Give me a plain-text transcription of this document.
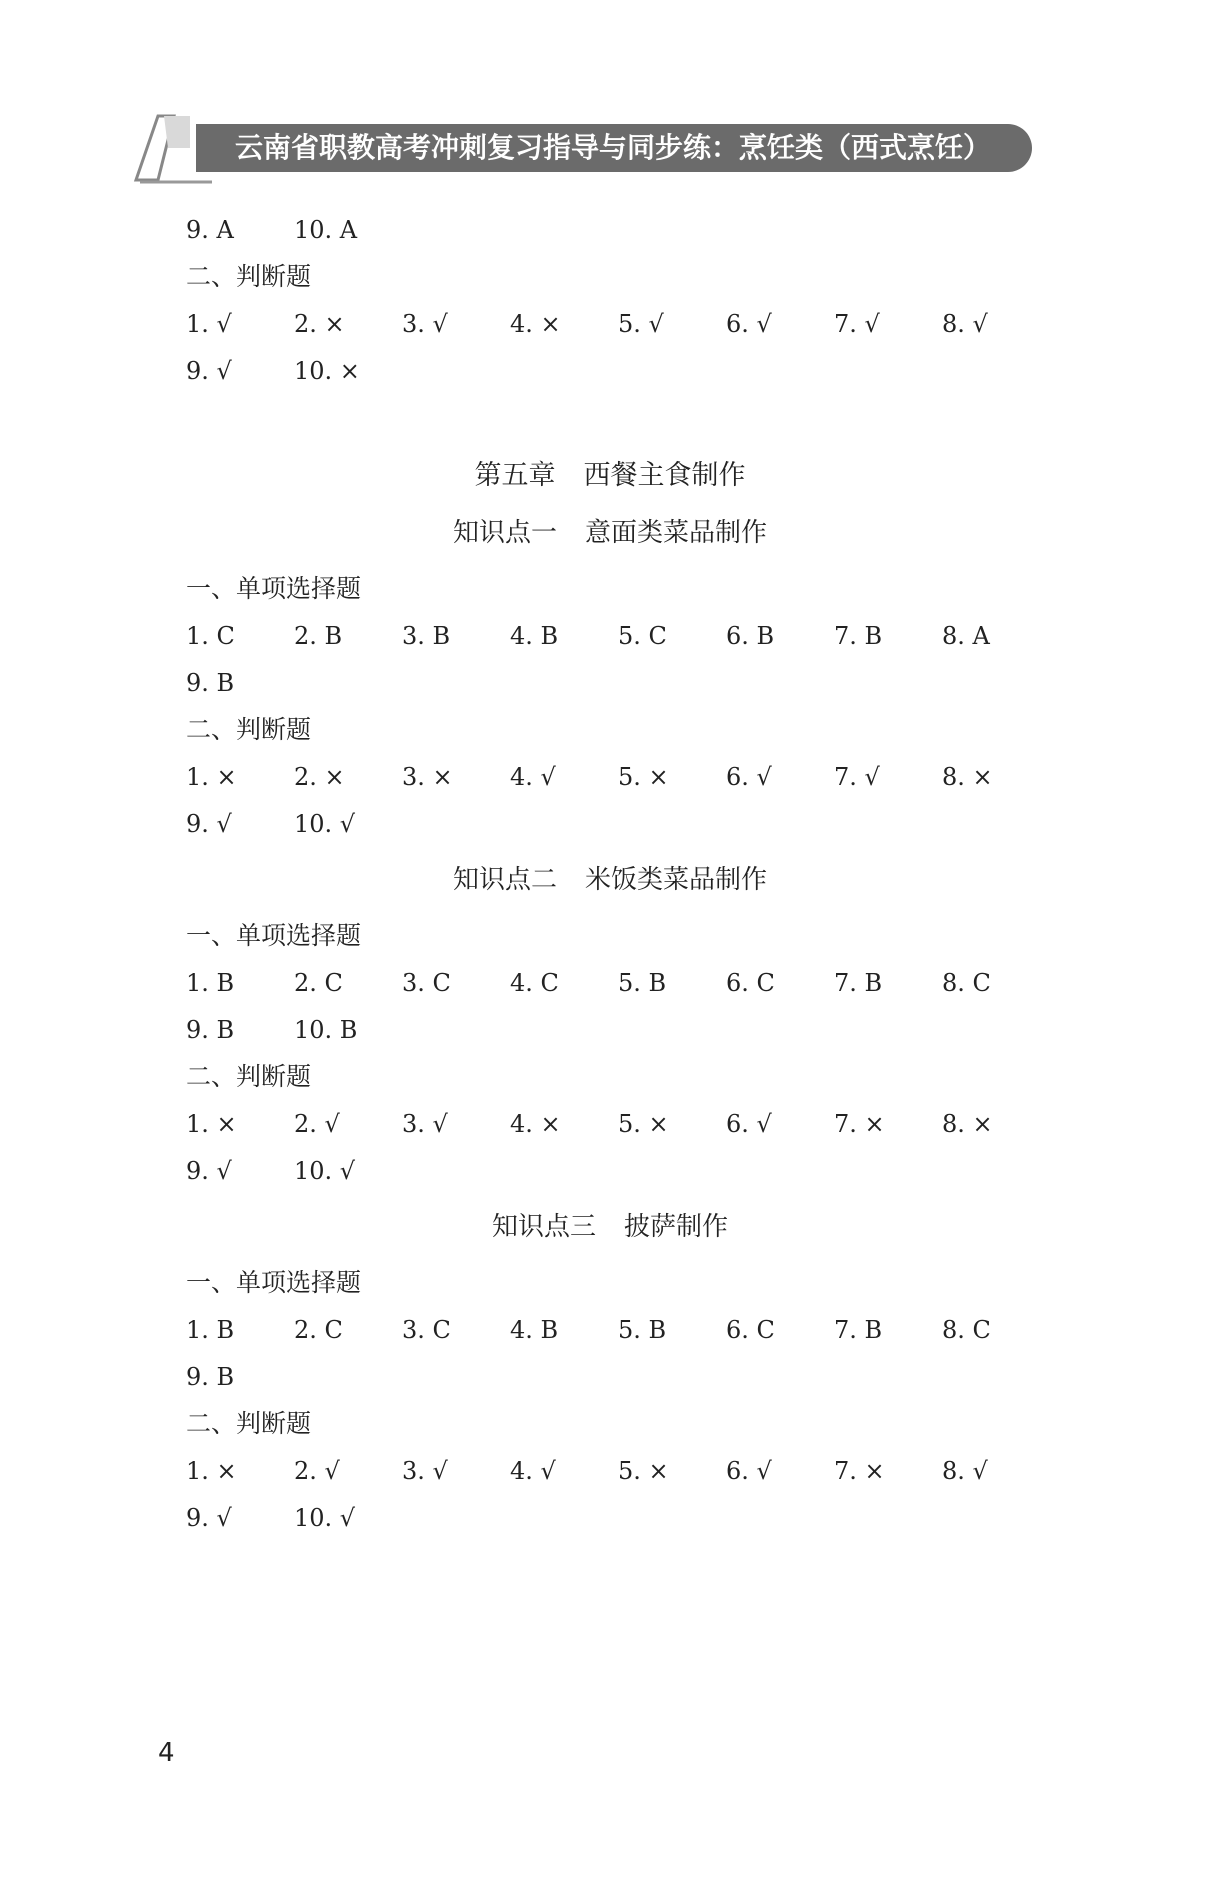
云南省职教高考冲刺复习指导与同步练：烹饪类（西式烹饪）
9. A	10. A
二、判断题
1. √	2. × 3. √	4. × 5. √	6. √	7. √	8. √
9. √	10. ×
第五章 西餐主食制作
知识点一 意面类菜品制作
一、单项选择题
1. C 2. B 3. B 4. B 5. C 6. B 7. B 8. A
9. B
二、判断题
1. × 2. × 3. × 4. √	5. × 6. √	7. √	8. ×
9. √	10. √
知识点二 米饭类菜品制作
一、单项选择题
1. B 2. C 3. C 4. C 5. B 6. C 7. B 8. C
9. B 10. B
二、判断题
1. × 2. √	3. √	4. × 5. × 6. √	7. × 8. ×
9. √	10. √
知识点三 披萨制作
一、单项选择题
1. B 2. C 3. C 4. B 5. B 6. C 7. B 8. C
9. B
二、判断题
1. × 2. √	3. √	4. √	5. × 6. √	7. × 8. √
9. √	10. √
4
